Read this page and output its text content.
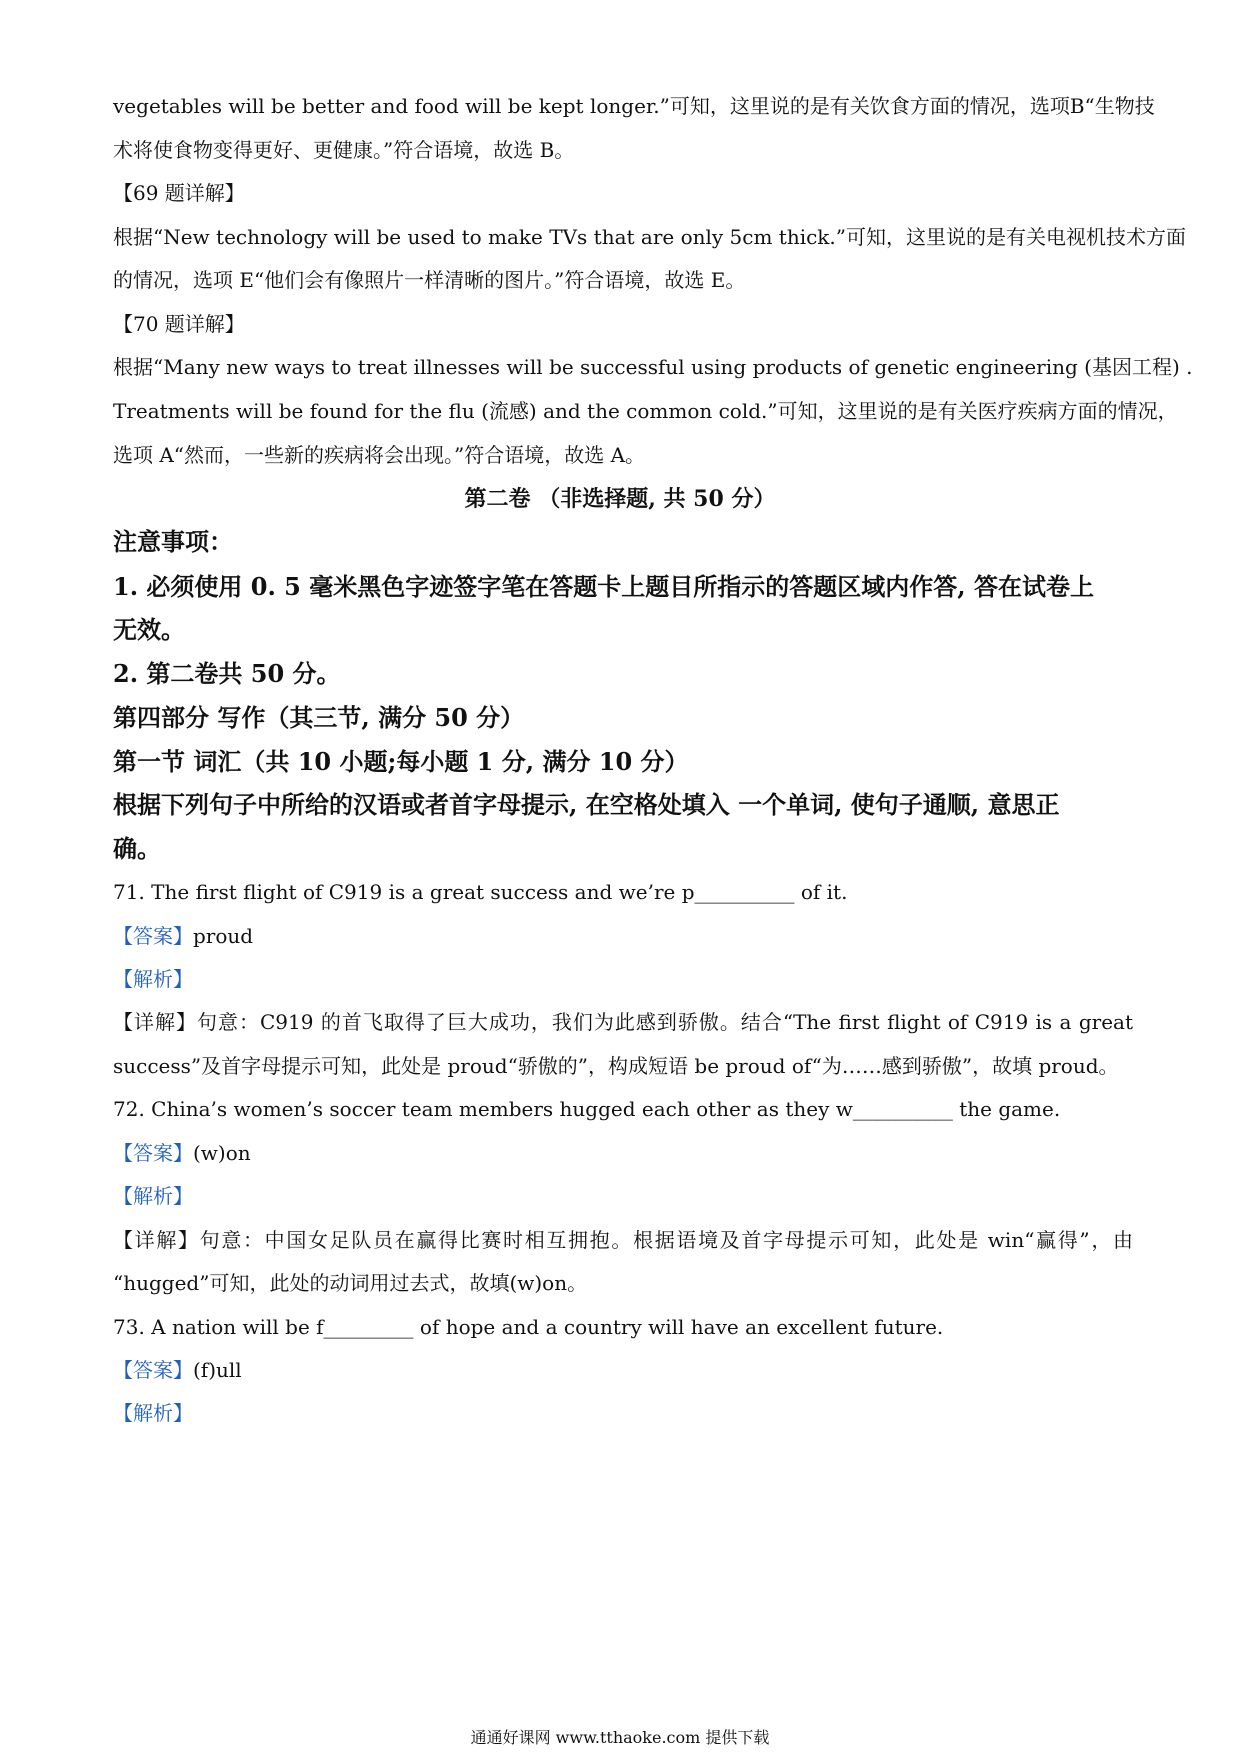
vegetables will be better and food will be kept longer.”可知，这里说的是有关饮食方面的情况，选项B“生物技
术将使食物变得更好、更健康。”符合语境，故选 B。
【69 题详解】
根据“New technology will be used to make TVs that are only 5cm thick.”可知，这里说的是有关电视机技术方面
的情况，选项 E“他们会有像照片一样清晰的图片。”符合语境，故选 E。
【70 题详解】
根据“Many new ways to treat illnesses will be successful using products of genetic engineering (基因工程) .
Treatments will be found for the flu (流感) and the common cold.”可知，这里说的是有关医疗疾病方面的情况，
选项 A“然而，一些新的疾病将会出现。”符合语境，故选 A。
第二卷 （非选择题, 共 50 分）
注意事项：
1. 必须使用 0. 5 毫米黑色字迹签字笔在答题卡上题目所指示的答题区域内作答, 答在试卷上
无效。
2. 第二卷共 50 分。
第四部分 写作（其三节, 满分 50 分）
第一节 词汇（共 10 小题;每小题 1 分, 满分 10 分）
根据下列句子中所给的汉语或者首字母提示, 在空格处填入 一个单词, 使句子通顺, 意思正
确。
71. The first flight of C919 is a great success and we’re p__________ of it.
【答案】proud
【解析】
【详解】句意：C919 的首飞取得了巨大成功，我们为此感到骄傲。结合“The first flight of C919 is a great
success”及首字母提示可知，此处是 proud“骄傲的”，构成短语 be proud of“为……感到骄傲”，故填 proud。
72. China’s women’s soccer team members hugged each other as they w__________ the game.
【答案】(w)on
【解析】
【详解】句意：中国女足队员在赢得比赛时相互拥抱。根据语境及首字母提示可知，此处是 win“赢得”，由
“hugged”可知，此处的动词用过去式，故填(w)on。
73. A nation will be f_________ of hope and a country will have an excellent future.
【答案】(f)ull
【解析】
通通好课网 www.tthaoke.com 提供下载
